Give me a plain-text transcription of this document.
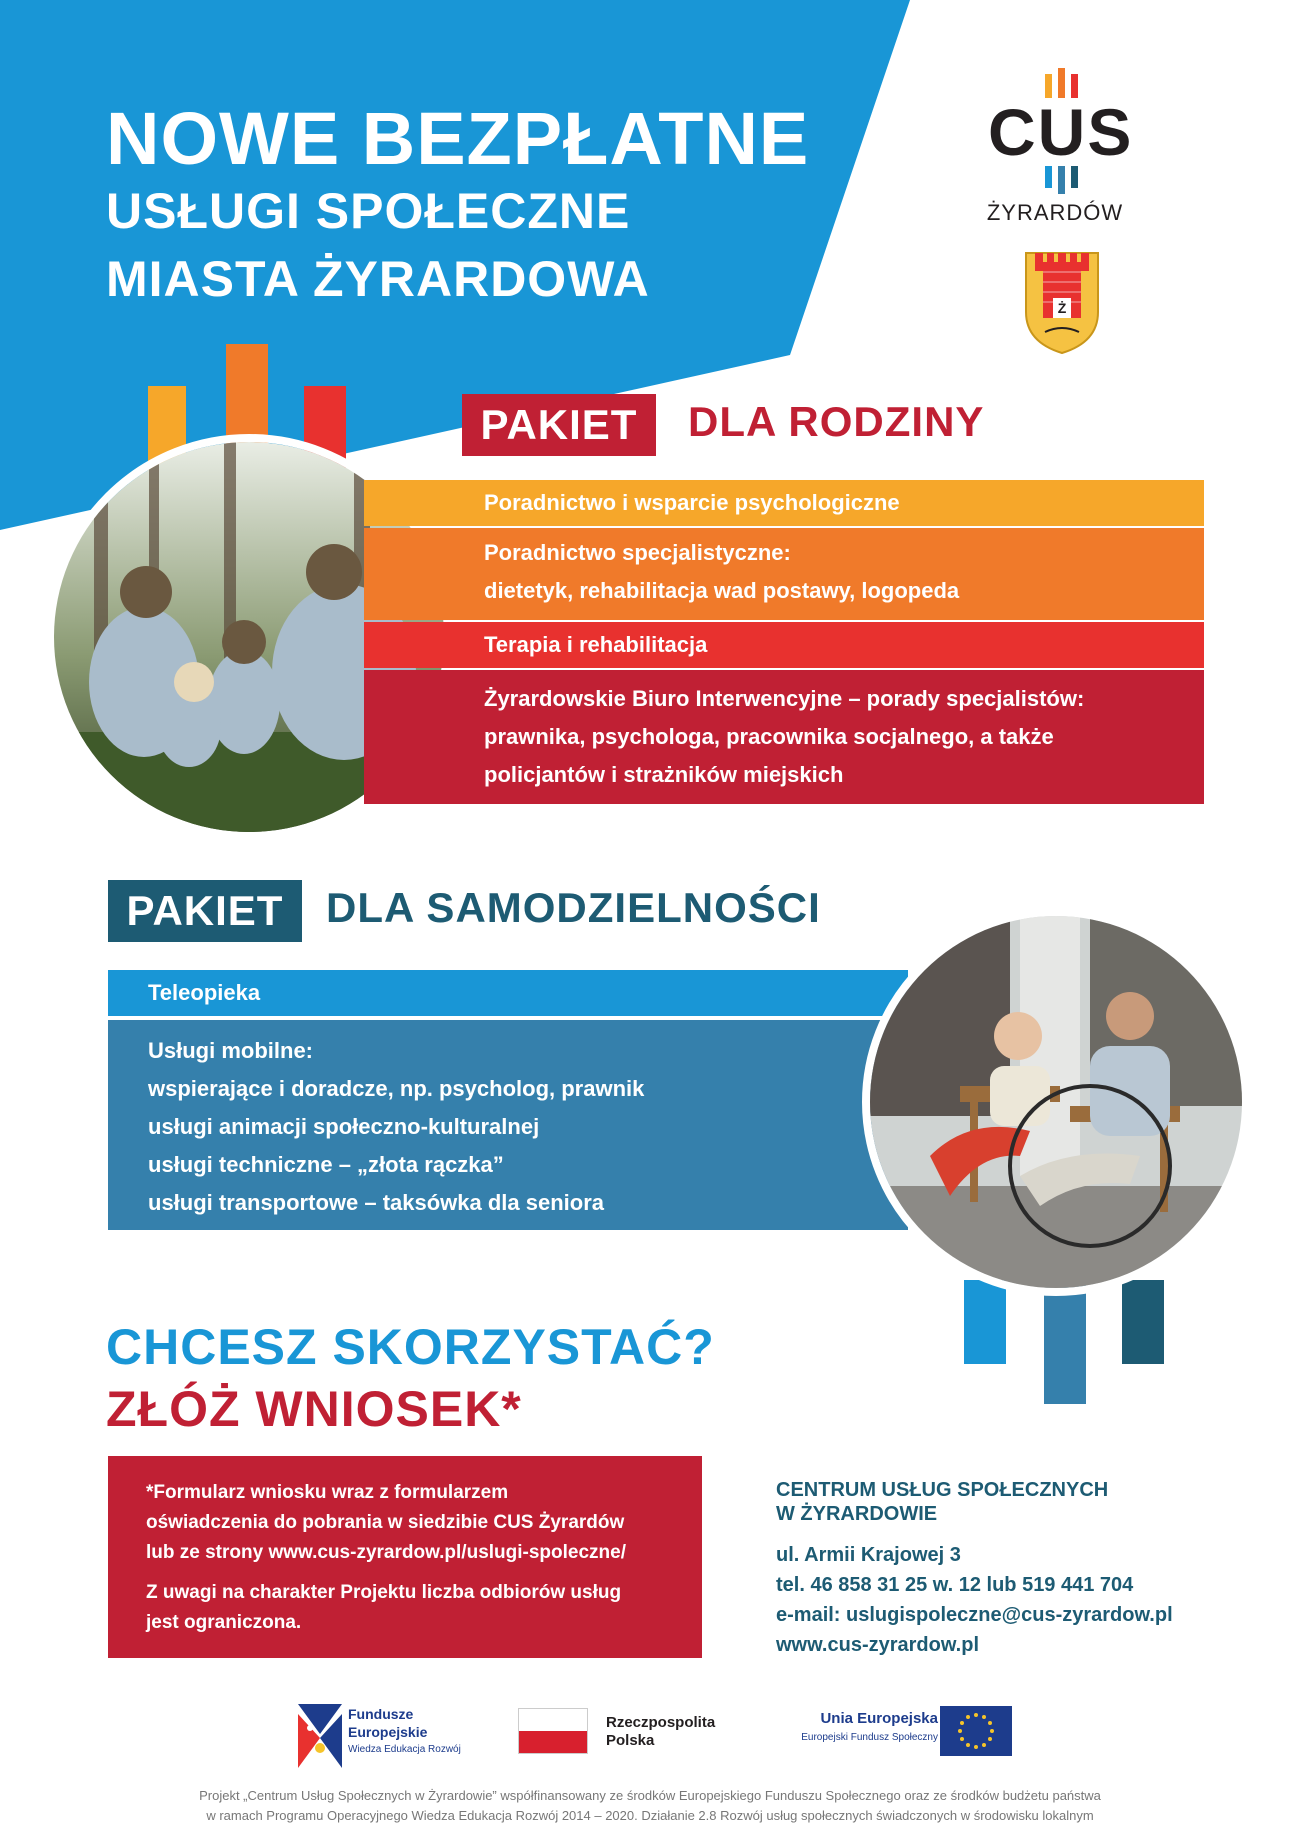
NOWE BEZPŁATNE
USŁUGI SPOŁECZNE
MIASTA ŻYRARDOWA
CUS
ŻYRARDÓW
Ż
PAKIET	DLA RODZINY
Poradnictwo i wsparcie psychologiczne
Poradnictwo specjalistyczne:
dietetyk, rehabilitacja wad postawy, logopeda
Terapia i rehabilitacja
Żyrardowskie Biuro Interwencyjne – porady specjalistów:
prawnika, psychologa, pracownika socjalnego, a także
policjantów i strażników miejskich
PAKIET	DLA SAMODZIELNOŚCI
Teleopieka
Usługi mobilne:
wspierające i doradcze, np. psycholog, prawnik
usługi animacji społeczno-kulturalnej
usługi techniczne – „złota rączka”
usługi transportowe – taksówka dla seniora
CHCESZ SKORZYSTAĆ?
ZŁÓŻ WNIOSEK*

*Formularz wniosku wraz z formularzem
oświadczenia do pobrania w siedzibie CUS Żyrardów
lub ze strony www.cus-zyrardow.pl/uslugi-spoleczne/

Z uwagi na charakter Projektu liczba odbiorów usług
jest ograniczona.

CENTRUM USŁUG SPOŁECZNYCH
W ŻYRARDOWIE
ul. Armii Krajowej 3
tel. 46 858 31 25 w. 12 lub 519 441 704
e-mail: uslugispoleczne@cus-zyrardow.pl
www.cus-zyrardow.pl
Fundusze
Europejskie
Wiedza Edukacja Rozwój
Rzeczpospolita
Polska
Unia Europejska
Europejski Fundusz Społeczny
Projekt „Centrum Usług Społecznych w Żyrardowie” współfinansowany ze środków Europejskiego Funduszu Społecznego oraz ze środków budżetu państwa
w ramach Programu Operacyjnego Wiedza Edukacja Rozwój 2014 – 2020. Działanie 2.8 Rozwój usług społecznych świadczonych w środowisku lokalnym
